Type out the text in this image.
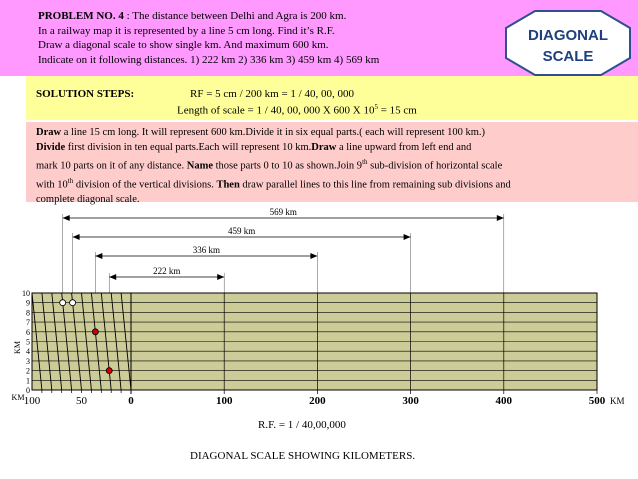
PROBLEM NO. 4 : The distance between Delhi and Agra is 200 km.
In a railway map it is represented by a line 5 cm long. Find it’s R.F.
Draw a diagonal scale to show single km. And maximum 600 km.
Indicate on it following distances. 1) 222 km 2) 336 km 3) 459 km 4) 569 km
DIAGONAL
SCALE
SOLUTION STEPS:	RF = 5 cm / 200 km = 1 / 40, 00, 000
Length of scale = 1 / 40, 00, 000 X 600 X $10^5 = 15$ cm
Draw a line 15 cm long. It will represent 600 km.Divide it in six equal parts.( each will represent 100 km.)
Divide first division in ten equal parts.Each will represent 10 km.Draw a line upward from left end and
mark 10 parts on it of any distance. Name those parts 0 to 10 as shown.Join 9th sub-division of horizontal scale
with 10th division of the vertical divisions. Then draw parallel lines to this line from remaining sub divisions and
complete diagonal scale.
569 km
459 km
336 km
222 km
0
1
2
3
4
5
6
7
8
9
10
KM
KM 100	50	0	100	200	300	400	500 KM
R.F. = 1 / 40,00,000
DIAGONAL SCALE SHOWING KILOMETERS.
